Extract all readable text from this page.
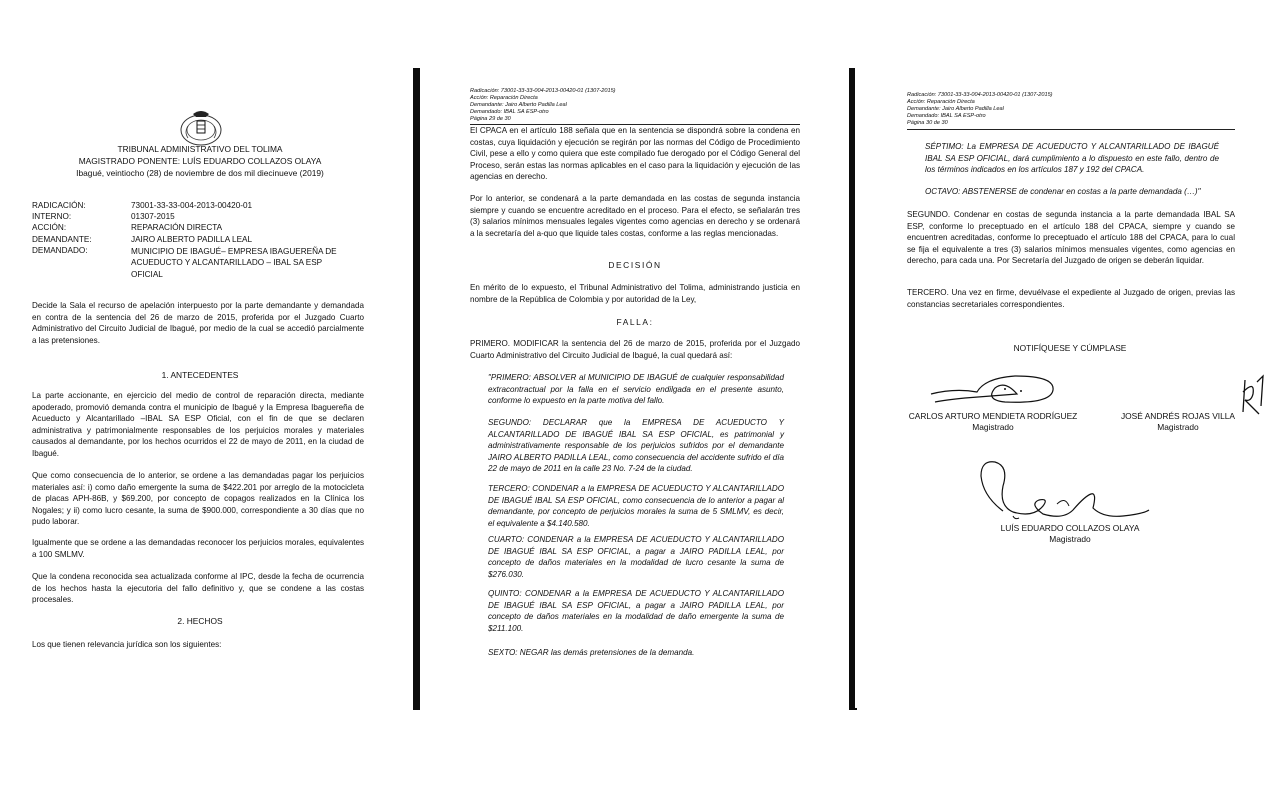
TRIBUNAL ADMINISTRATIVO DEL TOLIMA
MAGISTRADO PONENTE: LUÍS EDUARDO COLLAZOS OLAYA
Ibagué, veintiocho (28) de noviembre de dos mil diecinueve (2019)
RADICACIÓN:	73001-33-33-004-2013-00420-01
INTERNO:	01307-2015
ACCIÓN:	REPARACIÓN DIRECTA
DEMANDANTE:	JAIRO ALBERTO PADILLA LEAL
DEMANDADO:	MUNICIPIO DE IBAGUÉ– EMPRESA IBAGUEREÑA DE ACUEDUCTO Y ALCANTARILLADO – IBAL SA ESP OFICIAL
Decide la Sala el recurso de apelación interpuesto por la parte demandante y demandada en contra de la sentencia del 26 de marzo de 2015, proferida por el Juzgado Cuarto Administrativo del Circuito Judicial de Ibagué, por medio de la cual se accedió parcialmente a las pretensiones.
1. ANTECEDENTES
La parte accionante, en ejercicio del medio de control de reparación directa, mediante apoderado, promovió demanda contra el municipio de Ibagué y la Empresa Ibaguereña de Acueducto y Alcantarillado –IBAL SA ESP Oficial, con el fin de que se declaren administrativa y patrimonialmente responsables de los perjuicios morales y materiales causados al demandante, por los hechos ocurridos el 22 de mayo de 2011, en la ciudad de Ibagué.
Que como consecuencia de lo anterior, se ordene a las demandadas pagar los perjuicios materiales así: i) como daño emergente la suma de $422.201 por arreglo de la motocicleta de placas APH-86B, y $69.200, por concepto de copagos realizados en la Clínica los Nogales; y ii) como lucro cesante, la suma de $900.000, correspondiente a 30 días que no pudo laborar.
Igualmente que se ordene a las demandadas reconocer los perjuicios morales, equivalentes a 100 SMLMV.
Que la condena reconocida sea actualizada conforme al IPC, desde la fecha de ocurrencia de los hechos hasta la ejecutoria del fallo definitivo y, que se condene a las costas procesales.
2. HECHOS
Los que tienen relevancia jurídica son los siguientes:
Radicación: 73001-33-33-004-2013-00420-01 (1307-2015)
Acción: Reparación Directa
Demandante: Jairo Alberto Padilla Leal
Demandado: IBAL SA ESP-otro
Página 29 de 30
El CPACA en el artículo 188 señala que en la sentencia se dispondrá sobre la condena en costas, cuya liquidación y ejecución se regirán por las normas del Código de Procedimiento Civil, pese a ello y como quiera que este compilado fue derogado por el Código General del Proceso, serán estas las normas aplicables en el caso para la liquidación y ejecución de las agencias en derecho.
Por lo anterior, se condenará a la parte demandada en las costas de segunda instancia siempre y cuando se encuentre acreditado en el proceso. Para el efecto, se señalarán tres (3) salarios mínimos mensuales legales vigentes como agencias en derecho y se ordenará a la secretaría del a-quo que liquide tales costas, conforme a las reglas mencionadas.
DECISIÓN
En mérito de lo expuesto, el Tribunal Administrativo del Tolima, administrando justicia en nombre de la República de Colombia y por autoridad de la Ley,
FALLA:
PRIMERO. MODIFICAR la sentencia del 26 de marzo de 2015, proferida por el Juzgado Cuarto Administrativo del Circuito Judicial de Ibagué, la cual quedará así:
"PRIMERO: ABSOLVER al MUNICIPIO DE IBAGUÉ de cualquier responsabilidad extracontractual por la falla en el servicio endilgada en el presente asunto, conforme lo expuesto en la parte motiva del fallo.
SEGUNDO: DECLARAR que la EMPRESA DE ACUEDUCTO Y ALCANTARILLADO DE IBAGUÉ IBAL SA ESP OFICIAL, es patrimonial y administrativamente responsable de los perjuicios sufridos por el demandante JAIRO ALBERTO PADILLA LEAL, como consecuencia del accidente sufrido el día 22 de mayo de 2011 en la calle 23 No. 7-24 de la ciudad.
TERCERO: CONDENAR a la EMPRESA DE ACUEDUCTO Y ALCANTARILLADO DE IBAGUÉ IBAL SA ESP OFICIAL, como consecuencia de lo anterior a pagar al demandante, por concepto de perjuicios morales la suma de 5 SMLMV, es decir, el equivalente a $4.140.580.
CUARTO: CONDENAR a la EMPRESA DE ACUEDUCTO Y ALCANTARILLADO DE IBAGUÉ IBAL SA ESP OFICIAL, a pagar a JAIRO PADILLA LEAL, por concepto de daños materiales en la modalidad de lucro cesante la suma de $276.030.
QUINTO: CONDENAR a la EMPRESA DE ACUEDUCTO Y ALCANTARILLADO DE IBAGUÉ IBAL SA ESP OFICIAL, a pagar a JAIRO PADILLA LEAL, por concepto de daños materiales en la modalidad de daño emergente la suma de $211.100.
SEXTO: NEGAR las demás pretensiones de la demanda.
Radicación: 73001-33-33-004-2013-00420-01 (1307-2015)
Acción: Reparación Directa
Demandante: Jairo Alberto Padilla Leal
Demandado: IBAL SA ESP-otro
Página 30 de 30
SÉPTIMO: La EMPRESA DE ACUEDUCTO Y ALCANTARILLADO DE IBAGUÉ IBAL SA ESP OFICIAL, dará cumplimiento a lo dispuesto en este fallo, dentro de los términos indicados en los artículos 187 y 192 del CPACA.
OCTAVO: ABSTENERSE de condenar en costas a la parte demandada (…)"
SEGUNDO. Condenar en costas de segunda instancia a la parte demandada IBAL SA ESP, conforme lo preceptuado en el artículo 188 del CPACA, siempre y cuando se encuentren acreditadas, conforme lo preceptuado el artículo 188 del CPACA, para lo cual se fija el equivalente a tres (3) salarios mínimos mensuales vigentes, como agencias en derecho, para cada una. Por Secretaría del Juzgado de origen se deberán liquidar.
TERCERO. Una vez en firme, devuélvase el expediente al Juzgado de origen, previas las constancias secretariales correspondientes.
NOTIFÍQUESE Y CÚMPLASE
CARLOS ARTURO MENDIETA RODRÍGUEZ
Magistrado
JOSÉ ANDRÉS ROJAS VILLA
Magistrado
LUÍS EDUARDO COLLAZOS OLAYA
Magistrado
